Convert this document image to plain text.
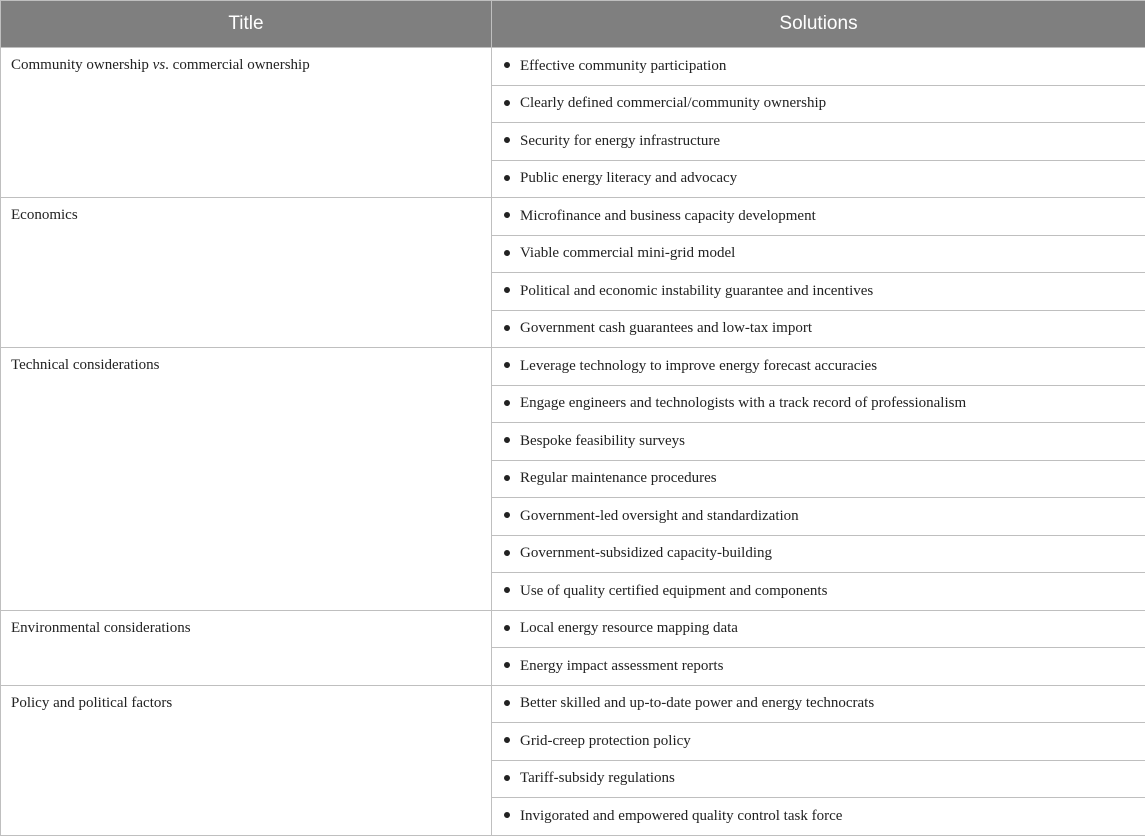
Title	Solutions
Community ownership vs. commercial ownership	Effective community participation
	Clearly defined commercial/community ownership
	Security for energy infrastructure
	Public energy literacy and advocacy
Economics	Microfinance and business capacity development
	Viable commercial mini-grid model
	Political and economic instability guarantee and incentives
	Government cash guarantees and low-tax import
Technical considerations	Leverage technology to improve energy forecast accuracies
	Engage engineers and technologists with a track record of professionalism
	Bespoke feasibility surveys
	Regular maintenance procedures
	Government-led oversight and standardization
	Government-subsidized capacity-building
	Use of quality certified equipment and components
Environmental considerations	Local energy resource mapping data
	Energy impact assessment reports
Policy and political factors	Better skilled and up-to-date power and energy technocrats
	Grid-creep protection policy
	Tariff-subsidy regulations
	Invigorated and empowered quality control task force
